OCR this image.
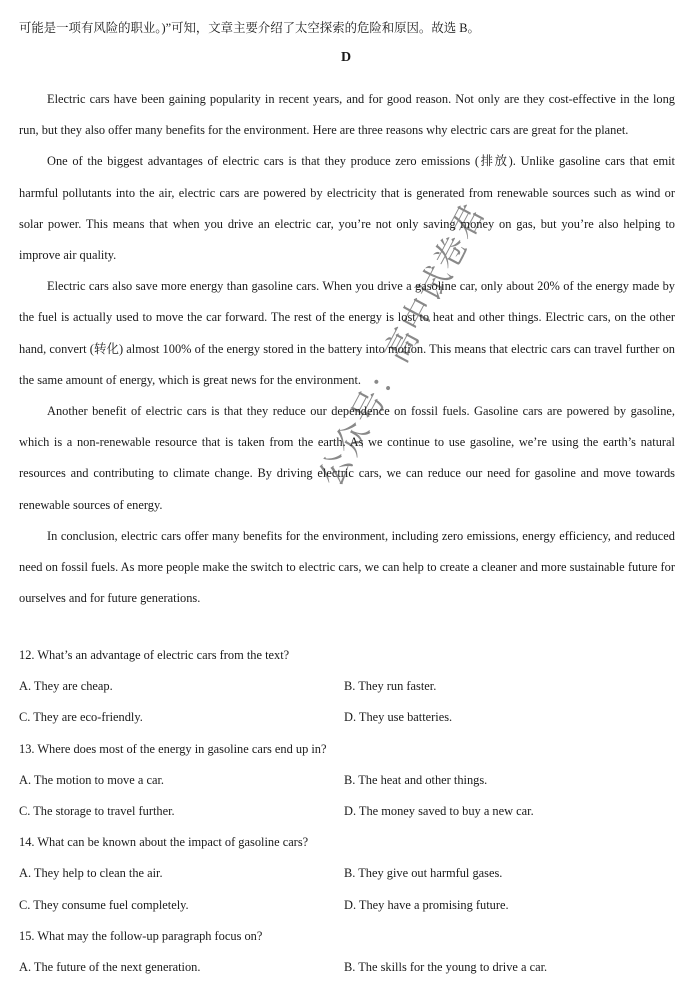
可能是一项有风险的职业。)”可知，文章主要介绍了太空探索的危险和原因。故选 B。
D

Electric cars have been gaining popularity in recent years, and for good reason. Not only are they cost-effective in the long run, but they also offer many benefits for the environment. Here are three reasons why electric cars are great for the planet.

One of the biggest advantages of electric cars is that they produce zero emissions (排放). Unlike gasoline cars that emit harmful pollutants into the air, electric cars are powered by electricity that is generated from renewable sources such as wind or solar power. This means that when you drive an electric car, you’re not only saving money on gas, but you’re also helping to improve air quality.

Electric cars also save more energy than gasoline cars. When you drive a gasoline car, only about 20% of the energy made by the fuel is actually used to move the car forward. The rest of the energy is lost to heat and other things. Electric cars, on the other hand, convert (转化) almost 100% of the energy stored in the battery into motion. This means that electric cars can travel further on the same amount of energy, which is great news for the environment.

Another benefit of electric cars is that they reduce our dependence on fossil fuels. Gasoline cars are powered by gasoline, which is a non-renewable resource that is taken from the earth. As we continue to use gasoline, we’re using the earth’s natural resources and contributing to climate change. By driving electric cars, we can reduce our need for gasoline and move towards renewable sources of energy.

In conclusion, electric cars offer many benefits for the environment, including zero emissions, energy efficiency, and reduced need on fossil fuels. As more people make the switch to electric cars, we can help to create a cleaner and more sustainable future for ourselves and for future generations.

12. What’s an advantage of electric cars from the text?
A. They are cheap.	B. They run faster.
C. They are eco-friendly.	D. They use batteries.
13. Where does most of the energy in gasoline cars end up in?
A. The motion to move a car.	B. The heat and other things.
C. The storage to travel further.	D. The money saved to buy a new car.
14. What can be known about the impact of gasoline cars?
A. They help to clean the air.	B. They give out harmful gases.
C. They consume fuel completely.	D. They have a promising future.
15. What may the follow-up paragraph focus on?
A. The future of the next generation.	B. The skills for the young to drive a car.
公众号：高中试卷君
